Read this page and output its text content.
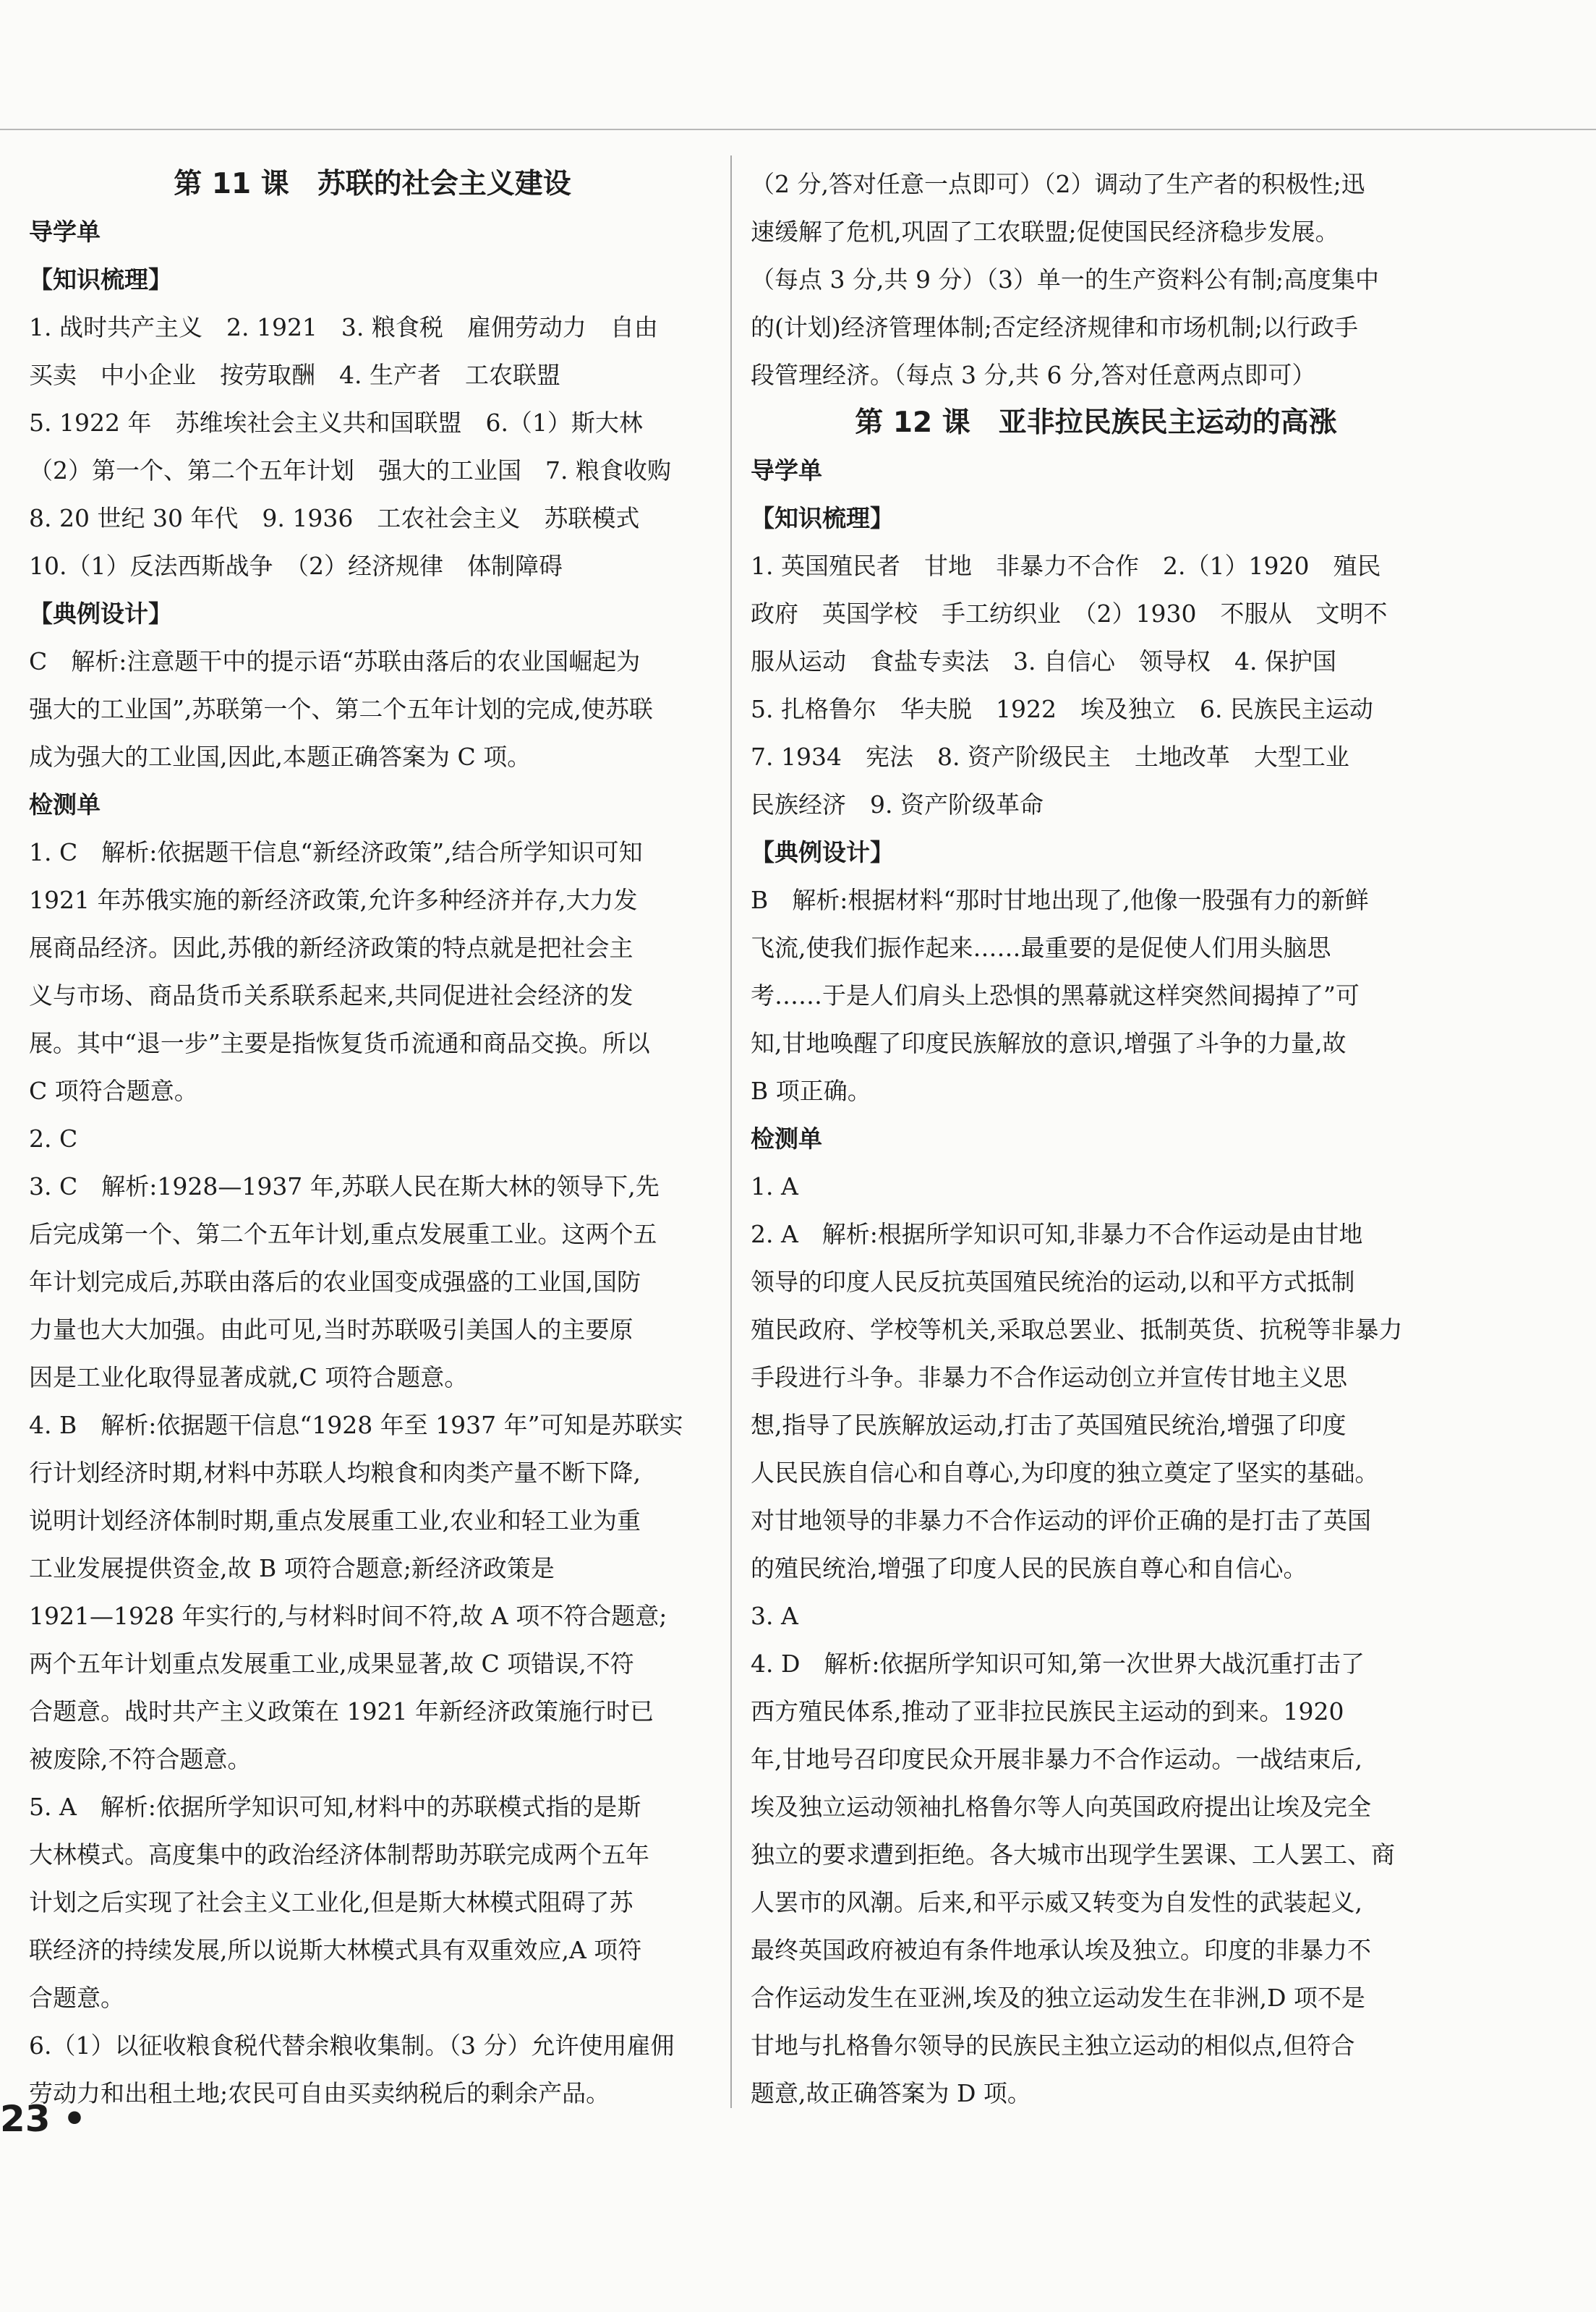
第 11 课　苏联的社会主义建设
导学单
【知识梳理】

1. 战时共产主义　2. 1921　3. 粮食税　雇佣劳动力　自由

买卖　中小企业　按劳取酬　4. 生产者　工农联盟

5. 1922 年　苏维埃社会主义共和国联盟　6.（1）斯大林

（2）第一个、第二个五年计划　强大的工业国　7. 粮食收购

8. 20 世纪 30 年代　9. 1936　工农社会主义　苏联模式

10.（1）反法西斯战争　（2）经济规律　体制障碍

【典例设计】

C　解析:注意题干中的提示语“苏联由落后的农业国崛起为

强大的工业国”,苏联第一个、第二个五年计划的完成,使苏联

成为强大的工业国,因此,本题正确答案为 C 项。

检测单

1. C　解析:依据题干信息“新经济政策”,结合所学知识可知

1921 年苏俄实施的新经济政策,允许多种经济并存,大力发

展商品经济。因此,苏俄的新经济政策的特点就是把社会主

义与市场、商品货币关系联系起来,共同促进社会经济的发

展。其中“退一步”主要是指恢复货币流通和商品交换。所以

C 项符合题意。

2. C

3. C　解析:1928—1937 年,苏联人民在斯大林的领导下,先

后完成第一个、第二个五年计划,重点发展重工业。这两个五

年计划完成后,苏联由落后的农业国变成强盛的工业国,国防

力量也大大加强。由此可见,当时苏联吸引美国人的主要原

因是工业化取得显著成就,C 项符合题意。

4. B　解析:依据题干信息“1928 年至 1937 年”可知是苏联实

行计划经济时期,材料中苏联人均粮食和肉类产量不断下降,

说明计划经济体制时期,重点发展重工业,农业和轻工业为重

工业发展提供资金,故 B 项符合题意;新经济政策是

1921—1928 年实行的,与材料时间不符,故 A 项不符合题意;

两个五年计划重点发展重工业,成果显著,故 C 项错误,不符

合题意。战时共产主义政策在 1921 年新经济政策施行时已

被废除,不符合题意。

5. A　解析:依据所学知识可知,材料中的苏联模式指的是斯

大林模式。高度集中的政治经济体制帮助苏联完成两个五年

计划之后实现了社会主义工业化,但是斯大林模式阻碍了苏

联经济的持续发展,所以说斯大林模式具有双重效应,A 项符

合题意。

6.（1）以征收粮食税代替余粮收集制。（3 分）允许使用雇佣

劳动力和出租土地;农民可自由买卖纳税后的剩余产品。

（2 分,答对任意一点即可）（2）调动了生产者的积极性;迅

速缓解了危机,巩固了工农联盟;促使国民经济稳步发展。

（每点 3 分,共 9 分）（3）单一的生产资料公有制;高度集中

的(计划)经济管理体制;否定经济规律和市场机制;以行政手

段管理经济。（每点 3 分,共 6 分,答对任意两点即可）

第 12 课　亚非拉民族民主运动的高涨
导学单
【知识梳理】

1. 英国殖民者　甘地　非暴力不合作　2.（1）1920　殖民

政府　英国学校　手工纺织业　（2）1930　不服从　文明不

服从运动　食盐专卖法　3. 自信心　领导权　4. 保护国

5. 扎格鲁尔　华夫脱　1922　埃及独立　6. 民族民主运动

7. 1934　宪法　8. 资产阶级民主　土地改革　大型工业

民族经济　9. 资产阶级革命

【典例设计】

B　解析:根据材料“那时甘地出现了,他像一股强有力的新鲜

飞流,使我们振作起来……最重要的是促使人们用头脑思

考……于是人们肩头上恐惧的黑幕就这样突然间揭掉了”可

知,甘地唤醒了印度民族解放的意识,增强了斗争的力量,故

B 项正确。

检测单

1. A

2. A　解析:根据所学知识可知,非暴力不合作运动是由甘地

领导的印度人民反抗英国殖民统治的运动,以和平方式抵制

殖民政府、学校等机关,采取总罢业、抵制英货、抗税等非暴力

手段进行斗争。非暴力不合作运动创立并宣传甘地主义思

想,指导了民族解放运动,打击了英国殖民统治,增强了印度

人民民族自信心和自尊心,为印度的独立奠定了坚实的基础。

对甘地领导的非暴力不合作运动的评价正确的是打击了英国

的殖民统治,增强了印度人民的民族自尊心和自信心。

3. A

4. D　解析:依据所学知识可知,第一次世界大战沉重打击了

西方殖民体系,推动了亚非拉民族民主运动的到来。1920

年,甘地号召印度民众开展非暴力不合作运动。一战结束后,

埃及独立运动领袖扎格鲁尔等人向英国政府提出让埃及完全

独立的要求遭到拒绝。各大城市出现学生罢课、工人罢工、商

人罢市的风潮。后来,和平示威又转变为自发性的武装起义,

最终英国政府被迫有条件地承认埃及独立。印度的非暴力不

合作运动发生在亚洲,埃及的独立运动发生在非洲,D 项不是

甘地与扎格鲁尔领导的民族民主独立运动的相似点,但符合

题意,故正确答案为 D 项。

23 •
